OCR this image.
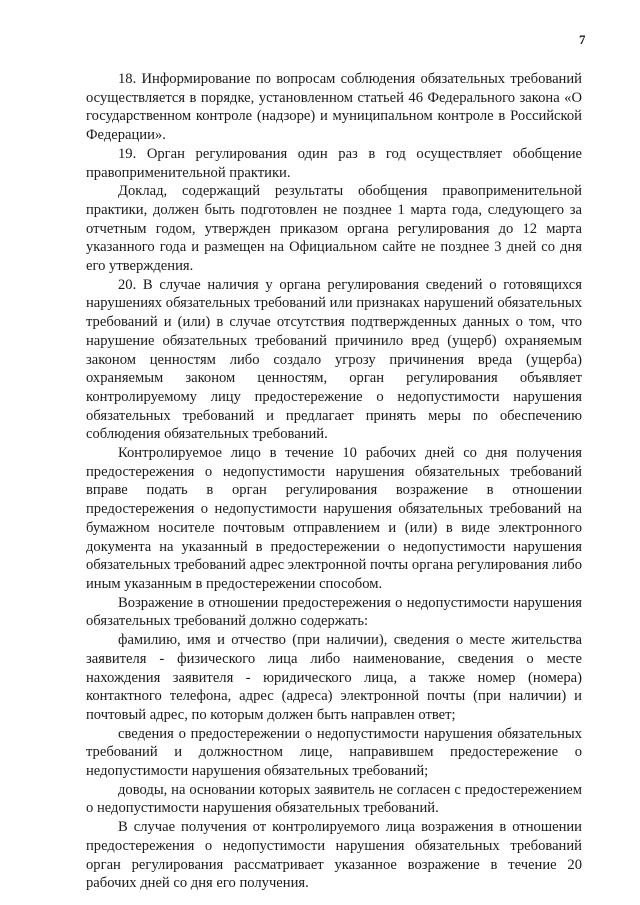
7

18. Информирование по вопросам соблюдения обязательных требований осуществляется в порядке, установленном статьей 46 Федерального закона «О государственном контроле (надзоре) и муниципальном контроле в Российской Федерации».

19. Орган регулирования один раз в год осуществляет обобщение правоприменительной практики.

Доклад, содержащий результаты обобщения правоприменительной практики, должен быть подготовлен не позднее 1 марта года, следующего за отчетным годом, утвержден приказом органа регулирования до 12 марта указанного года и размещен на Официальном сайте не позднее 3 дней со дня его утверждения.

20. В случае наличия у органа регулирования сведений о готовящихся нарушениях обязательных требований или признаках нарушений обязательных требований и (или) в случае отсутствия подтвержденных данных о том, что нарушение обязательных требований причинило вред (ущерб) охраняемым законом ценностям либо создало угрозу причинения вреда (ущерба) охраняемым законом ценностям, орган регулирования объявляет контролируемому лицу предостережение о недопустимости нарушения обязательных требований и предлагает принять меры по обеспечению соблюдения обязательных требований.

Контролируемое лицо в течение 10 рабочих дней со дня получения предостережения о недопустимости нарушения обязательных требований вправе подать в орган регулирования возражение в отношении предостережения о недопустимости нарушения обязательных требований на бумажном носителе почтовым отправлением и (или) в виде электронного документа на указанный в предостережении о недопустимости нарушения обязательных требований адрес электронной почты органа регулирования либо иным указанным в предостережении способом.

Возражение в отношении предостережения о недопустимости нарушения обязательных требований должно содержать:

фамилию, имя и отчество (при наличии), сведения о месте жительства заявителя - физического лица либо наименование, сведения о месте нахождения заявителя - юридического лица, а также номер (номера) контактного телефона, адрес (адреса) электронной почты (при наличии) и почтовый адрес, по которым должен быть направлен ответ;

сведения о предостережении о недопустимости нарушения обязательных требований и должностном лице, направившем предостережение о недопустимости нарушения обязательных требований;

доводы, на основании которых заявитель не согласен с предостережением о недопустимости нарушения обязательных требований.

В случае получения от контролируемого лица возражения в отношении предостережения о недопустимости нарушения обязательных требований орган регулирования рассматривает указанное возражение в течение 20 рабочих дней со дня его получения.
